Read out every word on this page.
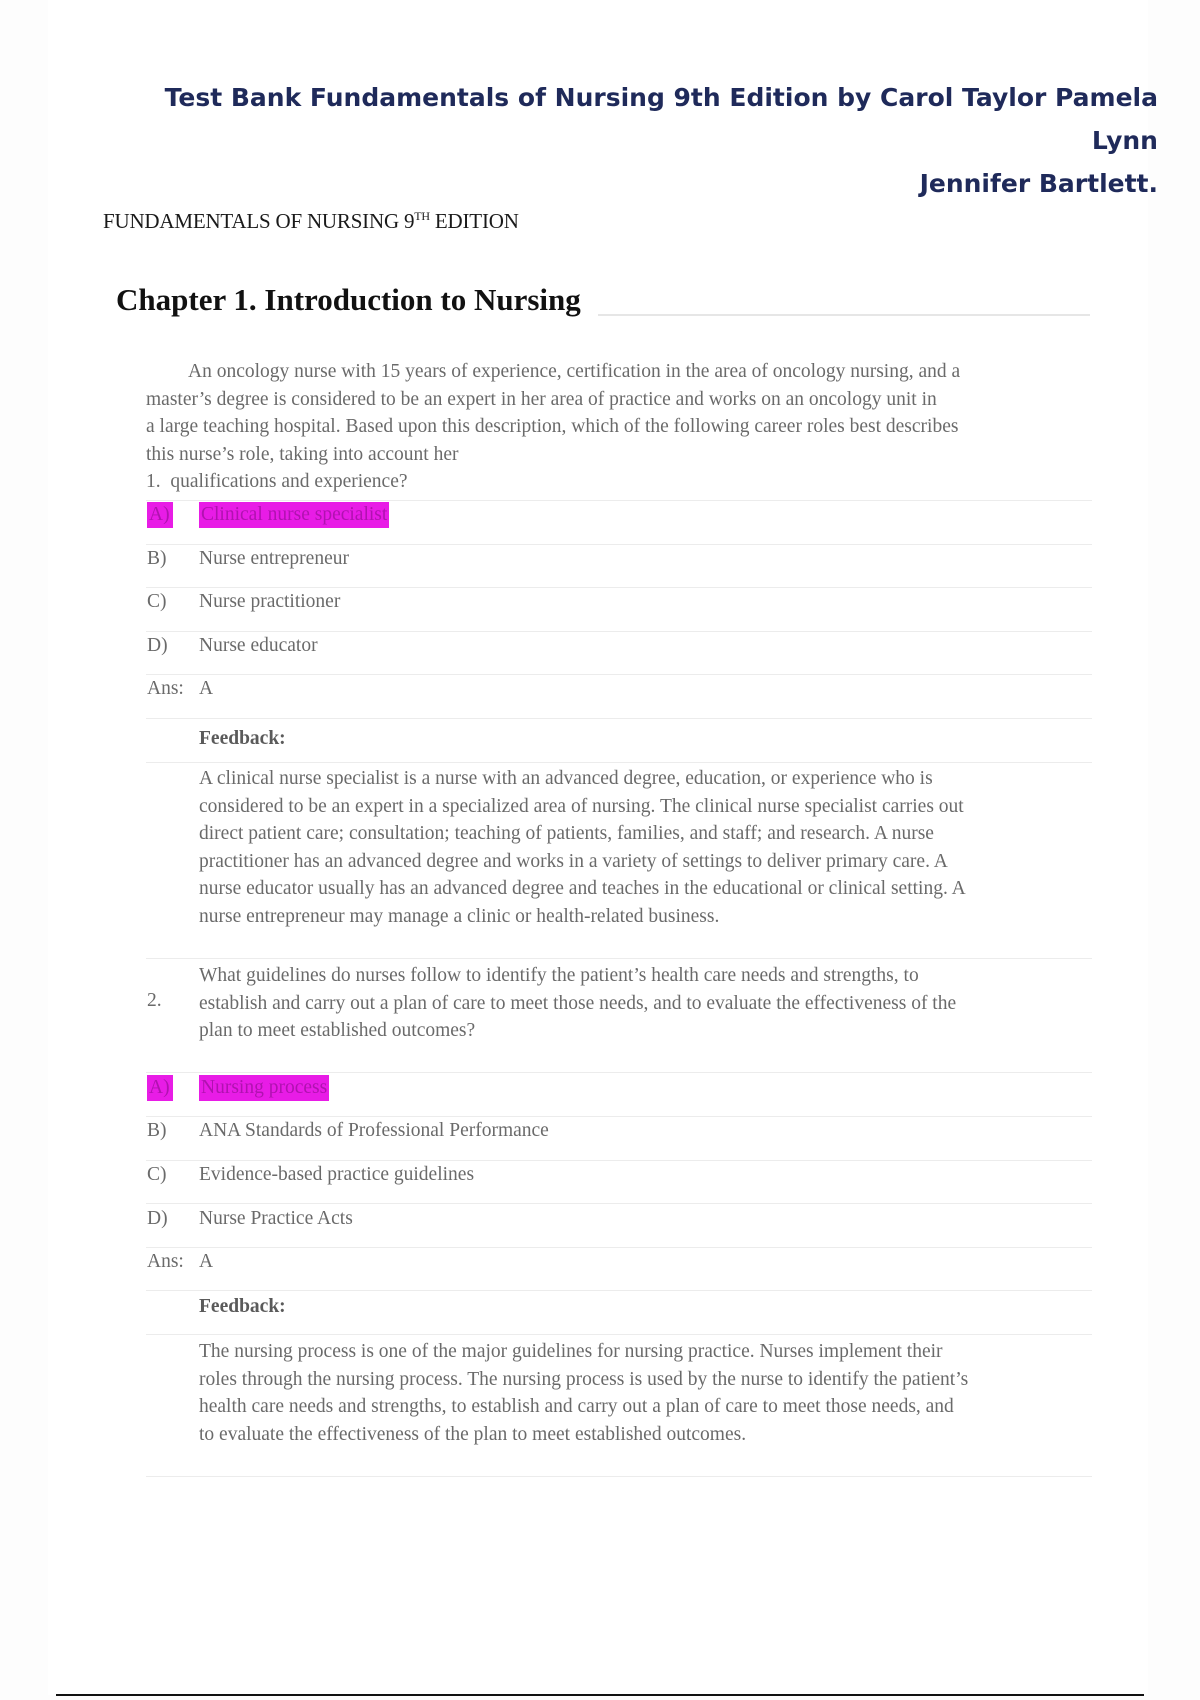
Test Bank Fundamentals of Nursing 9th Edition by Carol Taylor Pamela Lynn
Jennifer Bartlett.
FUNDAMENTALS OF NURSING 9TH EDITION
Chapter 1. Introduction to Nursing
An oncology nurse with 15 years of experience, certification in the area of oncology nursing, and a
master’s degree is considered to be an expert in her area of practice and works on an oncology unit in
a large teaching hospital. Based upon this description, which of the following career roles best describes
this nurse’s role, taking into account her
1. qualifications and experience?
A) Clinical nurse specialist
B) Nurse entrepreneur
C) Nurse practitioner
D) Nurse educator
Ans: A
Feedback:
A clinical nurse specialist is a nurse with an advanced degree, education, or experience who is
considered to be an expert in a specialized area of nursing. The clinical nurse specialist carries out
direct patient care; consultation; teaching of patients, families, and staff; and research. A nurse
practitioner has an advanced degree and works in a variety of settings to deliver primary care. A
nurse educator usually has an advanced degree and teaches in the educational or clinical setting. A
nurse entrepreneur may manage a clinic or health-related business.
2.
What guidelines do nurses follow to identify the patient’s health care needs and strengths, to
establish and carry out a plan of care to meet those needs, and to evaluate the effectiveness of the
plan to meet established outcomes?
A) Nursing process
B) ANA Standards of Professional Performance
C) Evidence-based practice guidelines
D) Nurse Practice Acts
Ans: A
Feedback:
The nursing process is one of the major guidelines for nursing practice. Nurses implement their
roles through the nursing process. The nursing process is used by the nurse to identify the patient’s
health care needs and strengths, to establish and carry out a plan of care to meet those needs, and
to evaluate the effectiveness of the plan to meet established outcomes.
